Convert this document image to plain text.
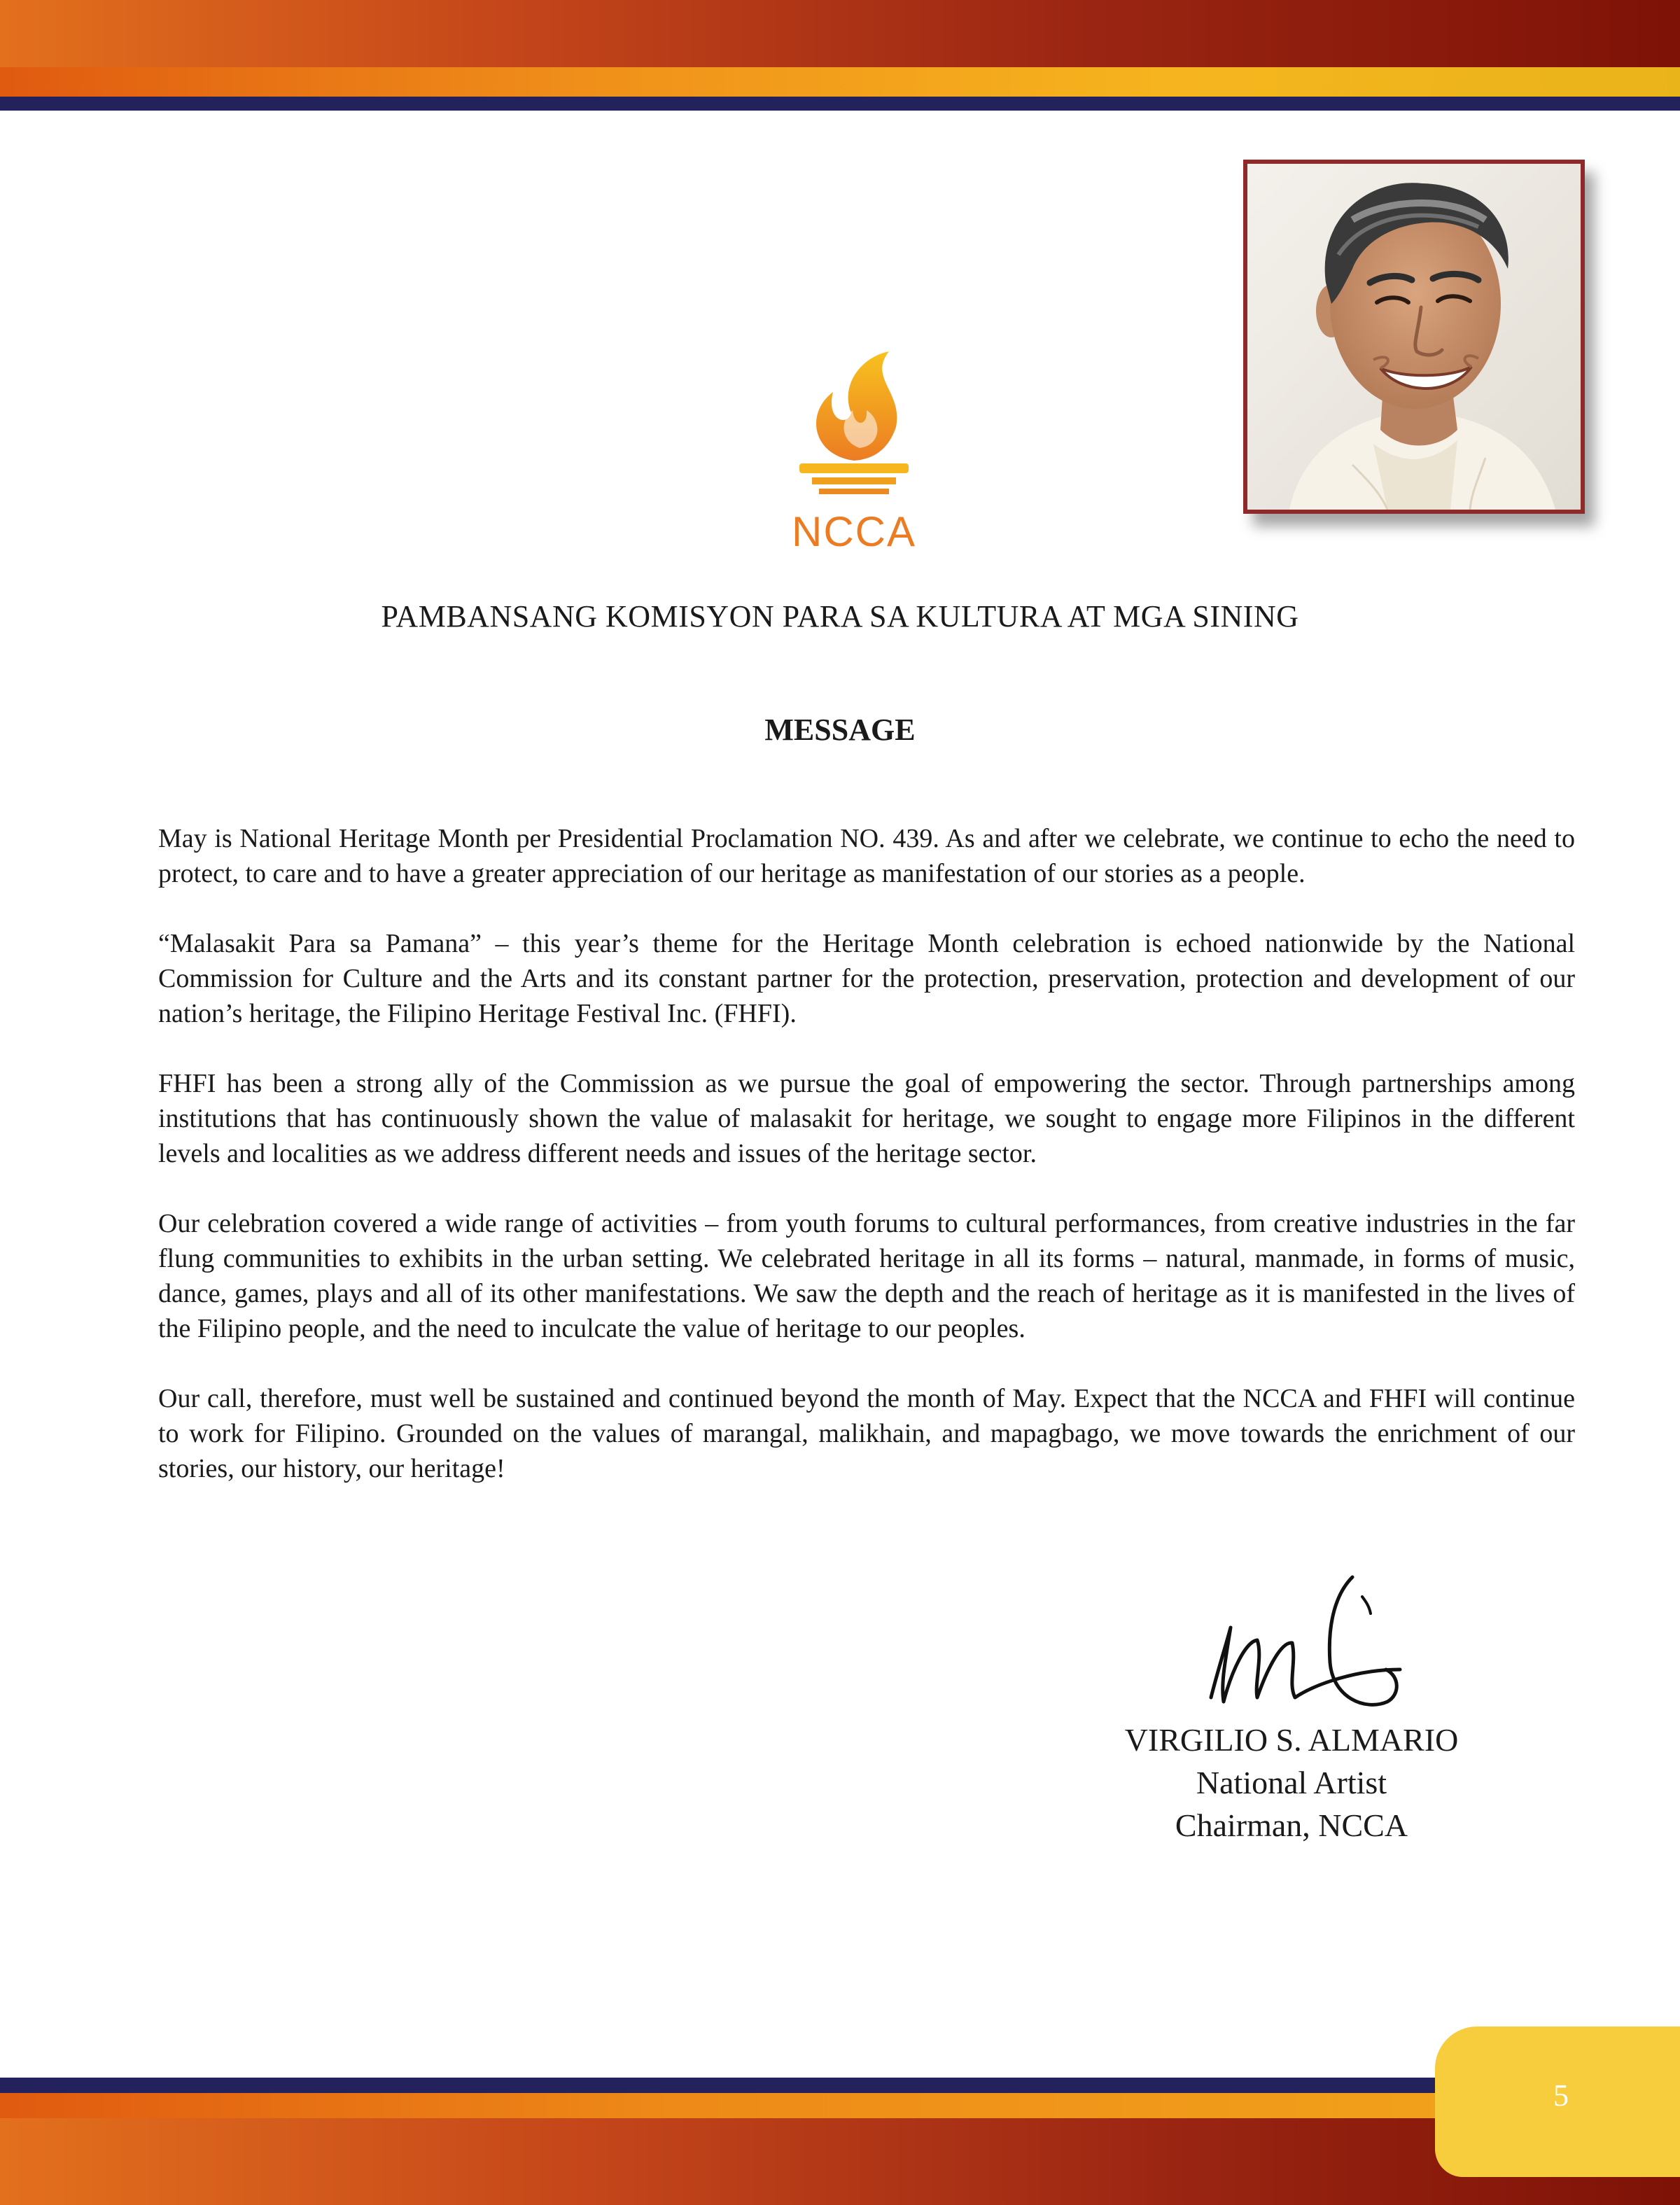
NCCA
PAMBANSANG KOMISYON PARA SA KULTURA AT MGA SINING
MESSAGE

May is National Heritage Month per Presidential Proclamation NO. 439. As and after we celebrate, we continue to echo the need to protect, to care and to have a greater appreciation of our heritage as manifestation of our stories as a people.

“Malasakit Para sa Pamana” – this year’s theme for the Heritage Month celebration is echoed nationwide by the National Commission for Culture and the Arts and its constant partner for the protection, preservation, protection and development of our nation’s heritage, the Filipino Heritage Festival Inc. (FHFI).

FHFI has been a strong ally of the Commission as we pursue the goal of empowering the sector. Through partnerships among institutions that has continuously shown the value of malasakit for heritage, we sought to engage more Filipinos in the different levels and localities as we address different needs and issues of the heritage sector.

Our celebration covered a wide range of activities – from youth forums to cultural performances, from creative industries in the far flung communities to exhibits in the urban setting. We celebrated heritage in all its forms – natural, manmade, in forms of music, dance, games, plays and all of its other manifestations. We saw the depth and the reach of heritage as it is manifested in the lives of the Filipino people, and the need to inculcate the value of heritage to our peoples.

Our call, therefore, must well be sustained and continued beyond the month of May. Expect that the NCCA and FHFI will continue to work for Filipino. Grounded on the values of marangal, malikhain, and mapagbago, we move towards the enrichment of our stories, our history, our heritage!

VIRGILIO S. ALMARIO
National Artist
Chairman, NCCA
5
